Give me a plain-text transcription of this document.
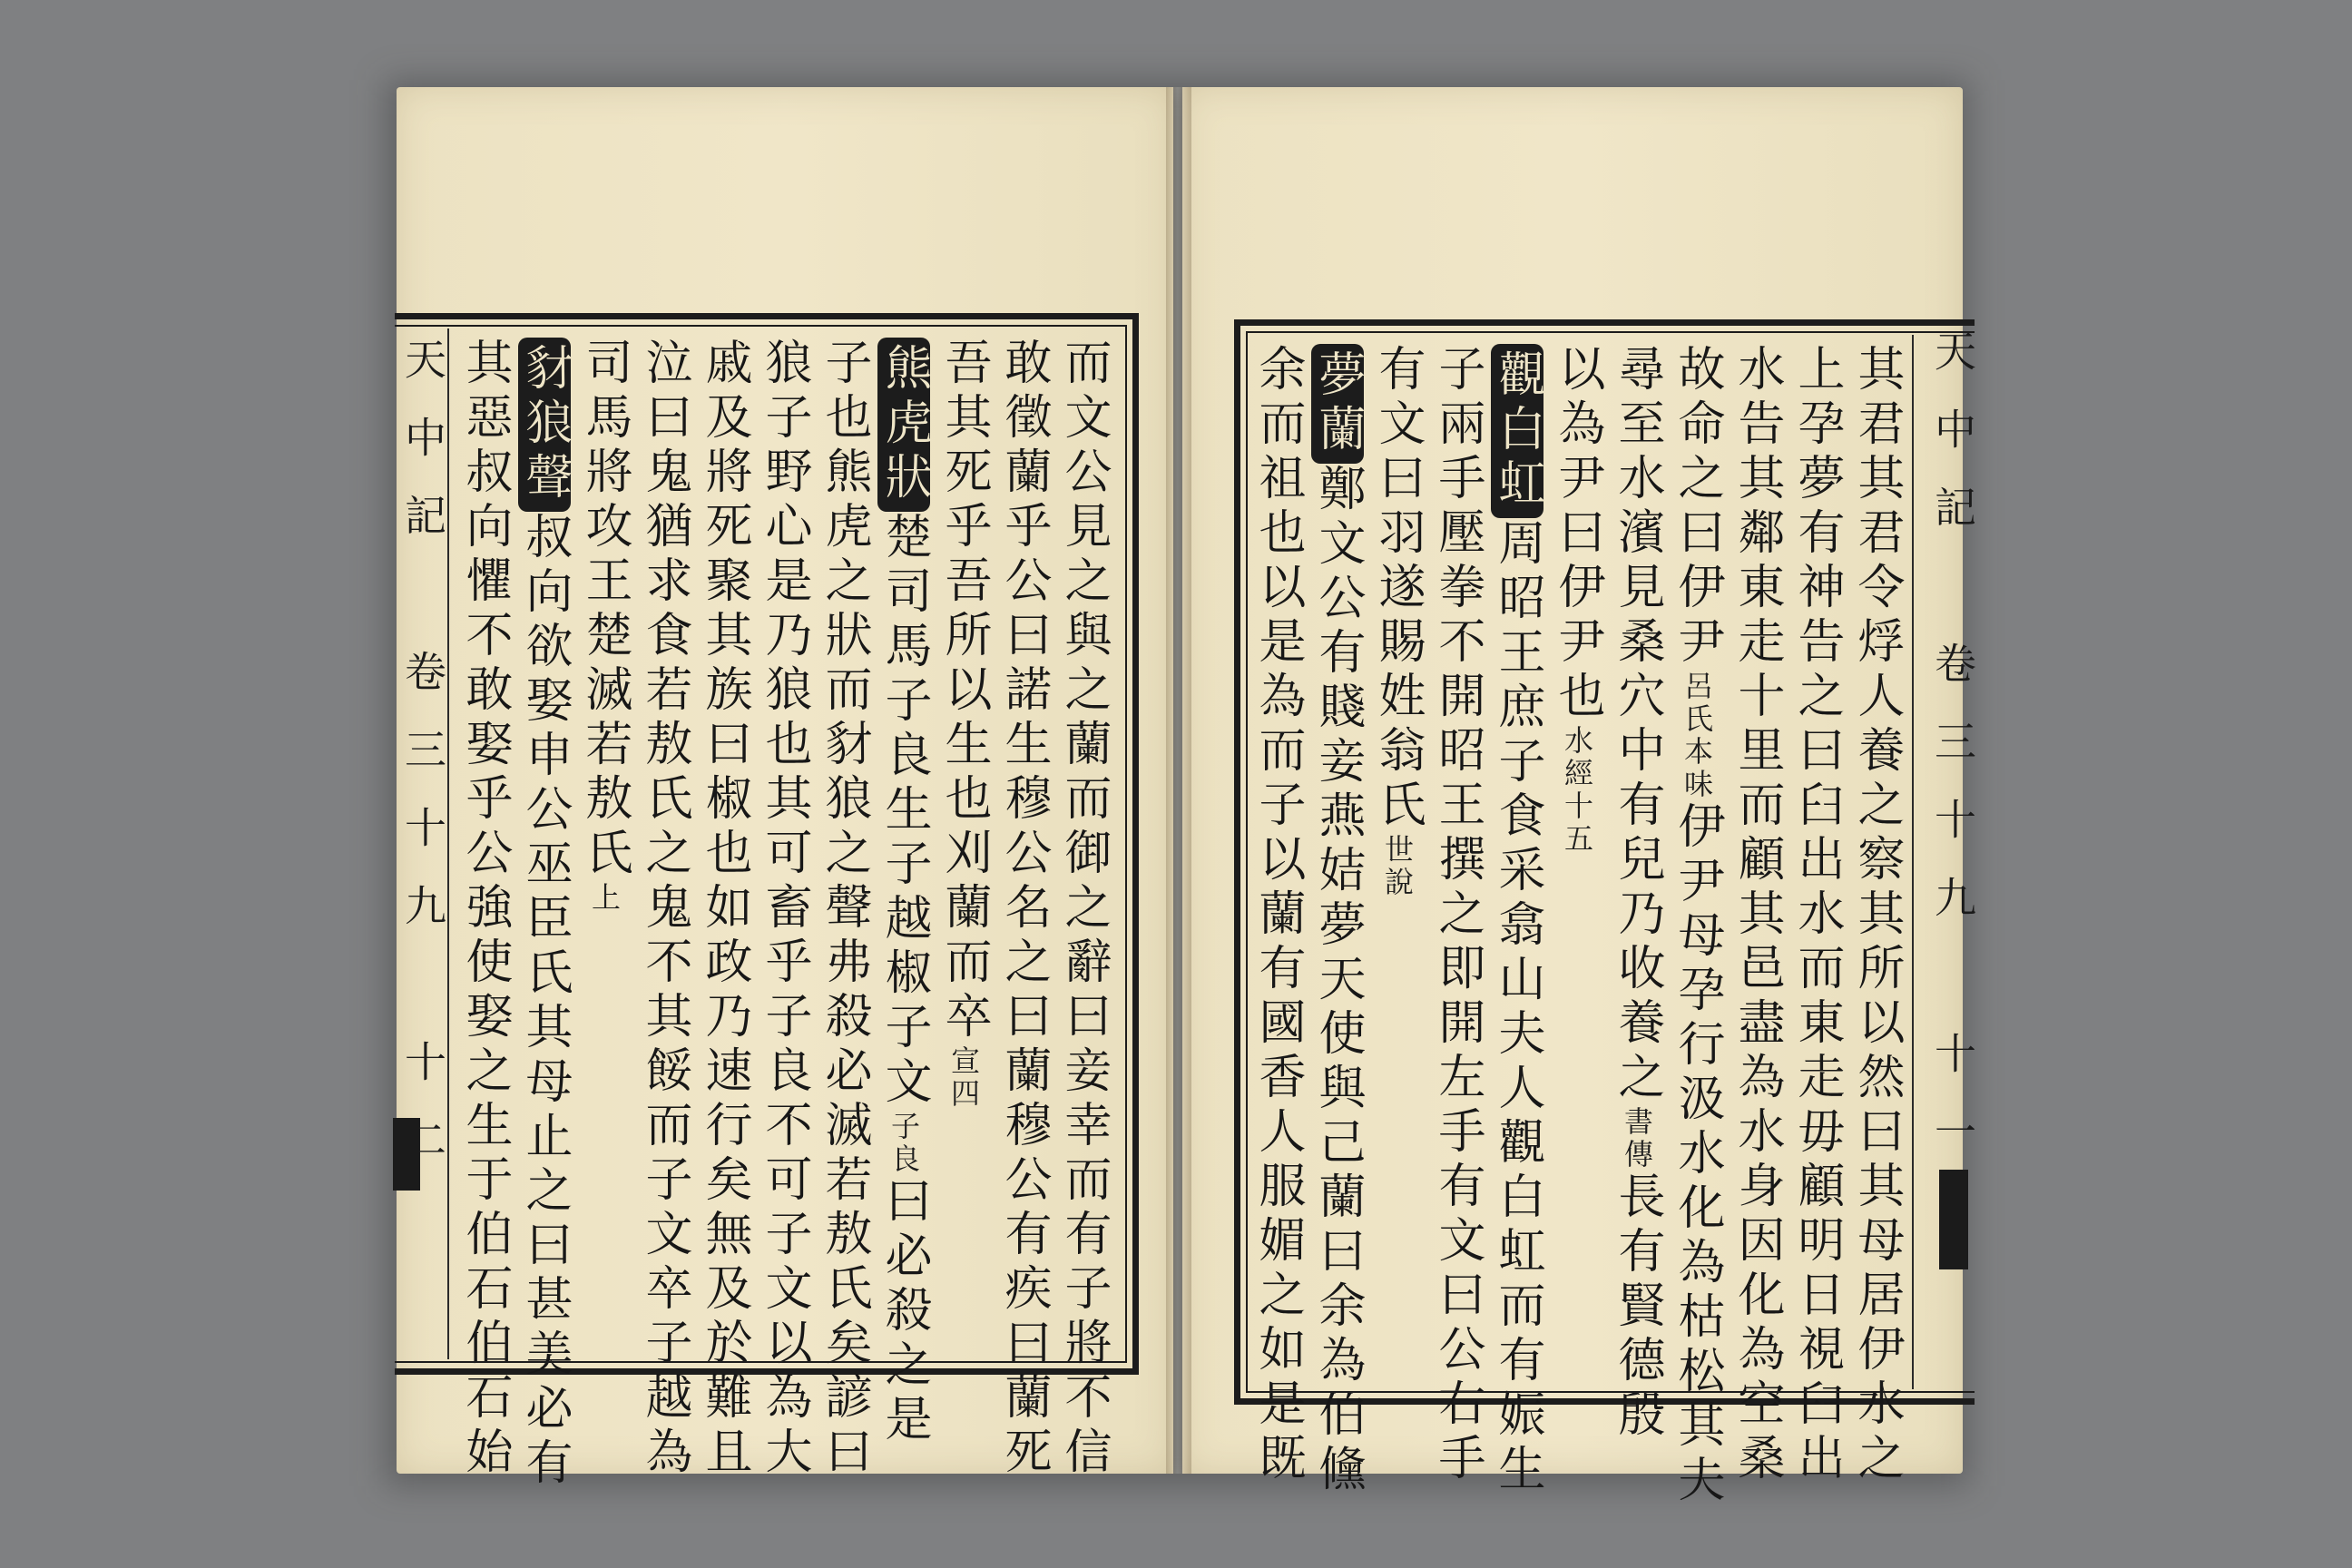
天中記　卷三十九　十二	而文公見之與之蘭而御之辭曰妾幸而有子將不信
敢徵蘭乎公曰諾生穆公名之曰蘭穆公有疾曰蘭死
吾其死乎吾所以生也刈蘭而卒宣四
熊虎狀楚司馬子良生子越椒子文子良曰必殺之是
子也熊虎之狀而豺狼之聲弗殺必滅若敖氏矣諺曰
狼子野心是乃狼也其可畜乎子良不可子文以為大
戚及將死聚其族曰椒也如政乃速行矣無及於難且
泣曰鬼猶求食若敖氏之鬼不其餒而子文卒子越為
司馬將攻王楚滅若敖氏上
豺狼聲叔向欲娶申公巫臣氏其母止之曰甚美必有
其惡叔向懼不敢娶乎公強使娶之生于伯石伯石始	天中記　卷三十九　十一
其君其君令烰人養之察其所以然曰其母居伊水之
上孕夢有神告之曰臼出水而東走毋顧明日視臼出
水告其鄰東走十里而顧其邑盡為水身因化為空桑
故命之曰伊尹呂氏本味伊尹母孕行汲水化為枯松其夫
尋至水濱見桑穴中有兒乃收養之書傳長有賢德殷
以為尹曰伊尹也水經十五
觀白虹周昭王庶子食采翕山夫人觀白虹而有娠生
子兩手壓拳不開昭王撰之即開左手有文曰公右手
有文曰羽遂賜姓翁氏世說
夢蘭鄭文公有賤妾燕姞夢天使與己蘭曰余為伯儵
余而祖也以是為而子以蘭有國香人服媚之如是既
